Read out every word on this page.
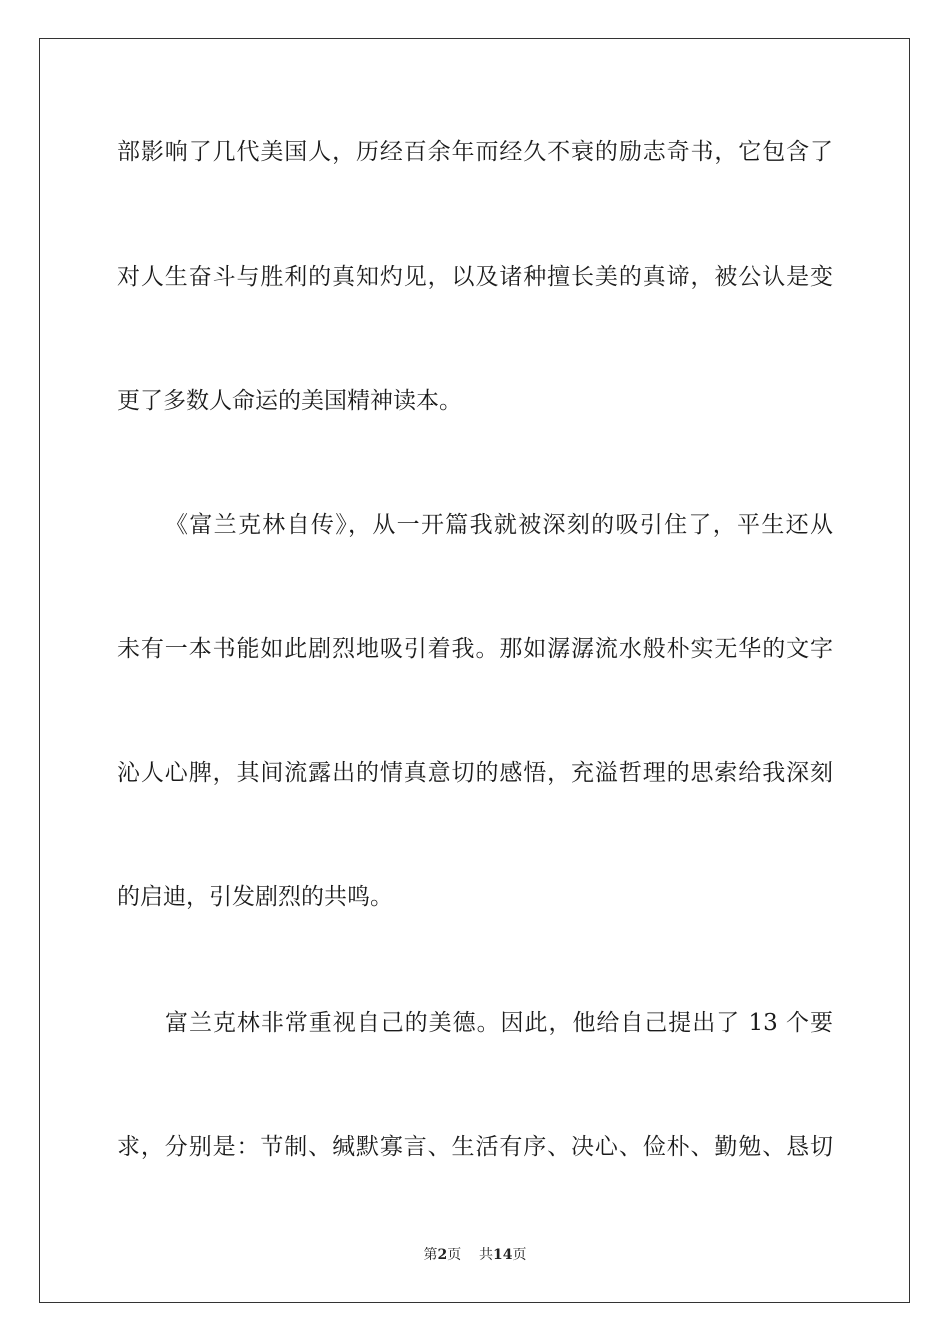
部影响了几代美国人，历经百余年而经久不衰的励志奇书，它包含了
对人生奋斗与胜利的真知灼见，以及诸种擅长美的真谛，被公认是变
更了多数人命运的美国精神读本。
《富兰克林自传》，从一开篇我就被深刻的吸引住了，平生还从
未有一本书能如此剧烈地吸引着我。那如潺潺流水般朴实无华的文字
沁人心脾，其间流露出的情真意切的感悟，充溢哲理的思索给我深刻
的启迪，引发剧烈的共鸣。
富兰克林非常重视自己的美德。因此，他给自己提出了 13 个要
求，分别是：节制、缄默寡言、生活有序、决心、俭朴、勤勉、恳切
第2页 共14页
